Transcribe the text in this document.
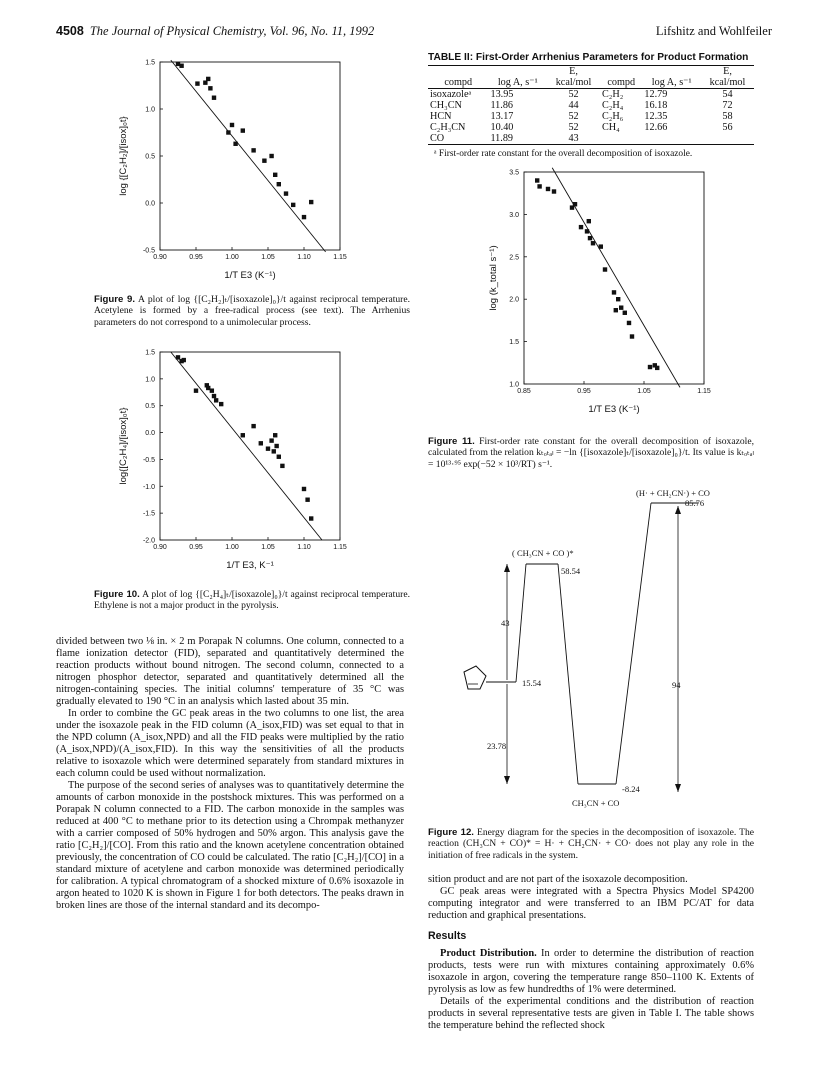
4508 The Journal of Physical Chemistry, Vol. 96, No. 11, 1992	Lifshitz and Wohlfeiler
0.90	0.95	1.00	1.05	1.10	1.15
-0.5
0.0
0.5
1.0
1.5
1/T E3 (K⁻¹)
log {[C₂H₂]/[isox]₀t}
Figure 9. A plot of log {[C₂H₂]ₜ/[isoxazole]₀}/t against reciprocal temperature. Acetylene is formed by a free-radical process (see text). The Arrhenius parameters do not correspond to a unimolecular process.
0.90	0.95	1.00	1.05	1.10	1.15
-2.0
-1.5
-1.0
-0.5
0.0
0.5
1.0
1.5
1/T E3, K⁻¹
log{[C₂H₄]/[isox]₀t}
Figure 10. A plot of log {[C₂H₄]ₜ/[isoxazole]₀}/t against reciprocal temperature. Ethylene is not a major product in the pyrolysis.

divided between two ⅛ in. × 2 m Porapak N columns. One column, connected to a flame ionization detector (FID), separated and quantitatively determined the reaction products without bound nitrogen. The second column, connected to a nitrogen phosphor detector, separated and quantitatively determined all the nitrogen-containing species. The initial columns' temperature of 35 °C was gradually elevated to 190 °C in an analysis which lasted about 35 min.

In order to combine the GC peak areas in the two columns to one list, the area under the isoxazole peak in the FID column (A_isox,FID) was set equal to that in the NPD column (A_isox,NPD) and all the FID peaks were multiplied by the ratio (A_isox,NPD)/(A_isox,FID). In this way the sensitivities of all the products relative to isoxazole which were determined separately from standard mixtures in each column could be used without normalization.

The purpose of the second series of analyses was to quantitatively determine the amounts of carbon monoxide in the postshock mixtures. This was performed on a Porapak N column connected to a FID. The carbon monoxide in the samples was reduced at 400 °C to methane prior to its detection using a Chrompak methanyzer with a carrier composed of 50% hydrogen and 50% argon. This analysis gave the ratio [C₂H₂]/[CO]. From this ratio and the known acetylene concentration obtained previously, the concentration of CO could be calculated. The ratio [C₂H₂]/[CO] in a standard mixture of acetylene and carbon monoxide was determined periodically for calibration. A typical chromatogram of a shocked mixture of 0.6% isoxazole in argon heated to 1020 K is shown in Figure 1 for both detectors. The peaks drawn in broken lines are those of the internal standard and its decompo-

TABLE II: First-Order Arrhenius Parameters for Product Formation
		E,			E,
compd	log A, s⁻¹	kcal/mol	compd	log A, s⁻¹	kcal/mol
isoxazoleᵃ	13.95	52	C₂H₂	12.79	54
CH₃CN	11.86	44	C₂H₄	16.18	72
HCN	13.17	52	C₂H₆	12.35	58
C₂H₃CN	10.40	52	CH₄	12.66	56
CO	11.89	43			
ᵃ First-order rate constant for the overall decomposition of isoxazole.
0.85	0.95	1.05	1.15
1.0
1.5
2.0
2.5
3.0
3.5
1/T E3 (K⁻¹)
log (k_total s⁻¹)
Figure 11. First-order rate constant for the overall decomposition of isoxazole, calculated from the relation kₜₒₜₐₗ = −ln {[isoxazole]ₜ/[isoxazole]₀}/t. Its value is kₜₒₜₐₗ = 10¹³·⁹⁵ exp(−52 × 10³/RT) s⁻¹.
(H· + CH₂CN·) + CO
85.76
( CH₃CN + CO )*
58.54
15.54
-8.24
CH₃CN + CO
43
23.78
94
Figure 12. Energy diagram for the species in the decomposition of isoxazole. The reaction (CH₃CN + CO)* = H· + CH₂CN· + CO· does not play any role in the initiation of free radicals in the system.

sition product and are not part of the isoxazole decomposition.

GC peak areas were integrated with a Spectra Physics Model SP4200 computing integrator and were transferred to an IBM PC/AT for data reduction and graphical presentations.

Results

Product Distribution. In order to determine the distribution of reaction products, tests were run with mixtures containing approximately 0.6% isoxazole in argon, covering the temperature range 850–1100 K. Extents of pyrolysis as low as few hundredths of 1% were determined.

Details of the experimental conditions and the distribution of reaction products in several representative tests are given in Table I. The table shows the temperature behind the reflected shock
